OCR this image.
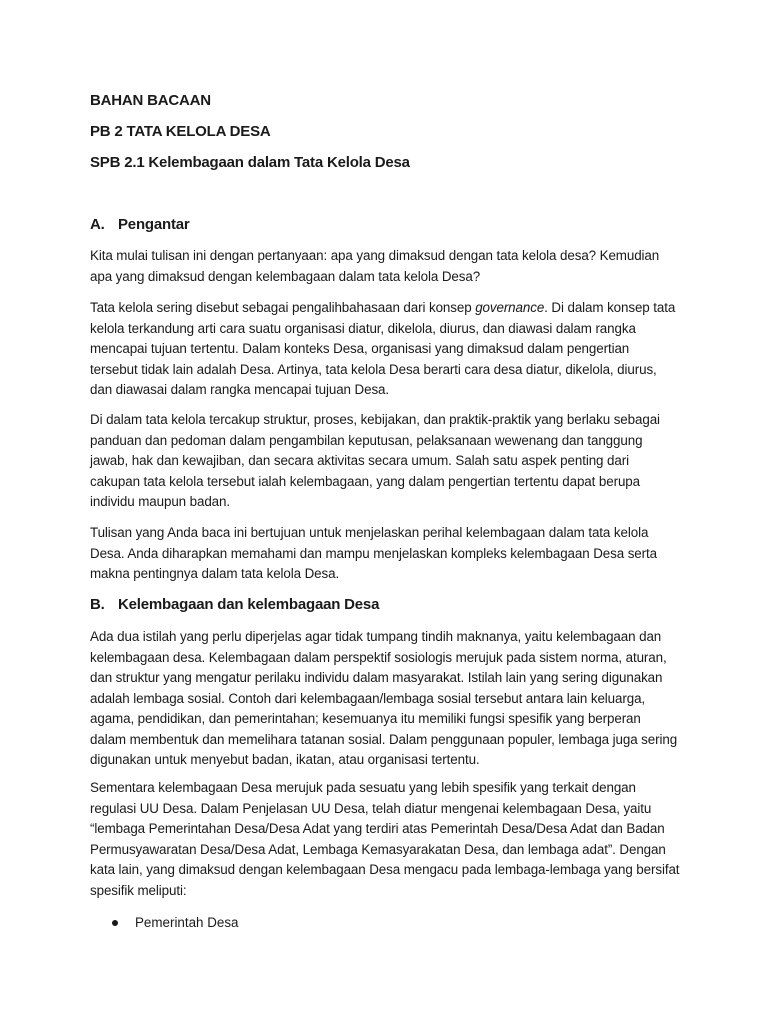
BAHAN BACAAN

PB 2 TATA KELOLA DESA

SPB 2.1 Kelembagaan dalam Tata Kelola Desa

A. Pengantar

Kita mulai tulisan ini dengan pertanyaan: apa yang dimaksud dengan tata kelola desa? Kemudian apa yang dimaksud dengan kelembagaan dalam tata kelola Desa?

Tata kelola sering disebut sebagai pengalihbahasaan dari konsep governance. Di dalam konsep tata kelola terkandung arti cara suatu organisasi diatur, dikelola, diurus, dan diawasi dalam rangka mencapai tujuan tertentu. Dalam konteks Desa, organisasi yang dimaksud dalam pengertian tersebut tidak lain adalah Desa. Artinya, tata kelola Desa berarti cara desa diatur, dikelola, diurus, dan diawasai dalam rangka mencapai tujuan Desa.

Di dalam tata kelola tercakup struktur, proses, kebijakan, dan praktik-praktik yang berlaku sebagai panduan dan pedoman dalam pengambilan keputusan, pelaksanaan wewenang dan tanggung jawab, hak dan kewajiban, dan secara aktivitas secara umum. Salah satu aspek penting dari cakupan tata kelola tersebut ialah kelembagaan, yang dalam pengertian tertentu dapat berupa individu maupun badan.

Tulisan yang Anda baca ini bertujuan untuk menjelaskan perihal kelembagaan dalam tata kelola Desa. Anda diharapkan memahami dan mampu menjelaskan kompleks kelembagaan Desa serta makna pentingnya dalam tata kelola Desa.

B. Kelembagaan dan kelembagaan Desa

Ada dua istilah yang perlu diperjelas agar tidak tumpang tindih maknanya, yaitu kelembagaan dan kelembagaan desa. Kelembagaan dalam perspektif sosiologis merujuk pada sistem norma, aturan, dan struktur yang mengatur perilaku individu dalam masyarakat. Istilah lain yang sering digunakan adalah lembaga sosial. Contoh dari kelembagaan/lembaga sosial tersebut antara lain keluarga, agama, pendidikan, dan pemerintahan; kesemuanya itu memiliki fungsi spesifik yang berperan dalam membentuk dan memelihara tatanan sosial. Dalam penggunaan populer, lembaga juga sering digunakan untuk menyebut badan, ikatan, atau organisasi tertentu.

Sementara kelembagaan Desa merujuk pada sesuatu yang lebih spesifik yang terkait dengan regulasi UU Desa. Dalam Penjelasan UU Desa, telah diatur mengenai kelembagaan Desa, yaitu “lembaga Pemerintahan Desa/Desa Adat yang terdiri atas Pemerintah Desa/Desa Adat dan Badan Permusyawaratan Desa/Desa Adat, Lembaga Kemasyarakatan Desa, dan lembaga adat”. Dengan kata lain, yang dimaksud dengan kelembagaan Desa mengacu pada lembaga-lembaga yang bersifat spesifik meliputi:

Pemerintah Desa
